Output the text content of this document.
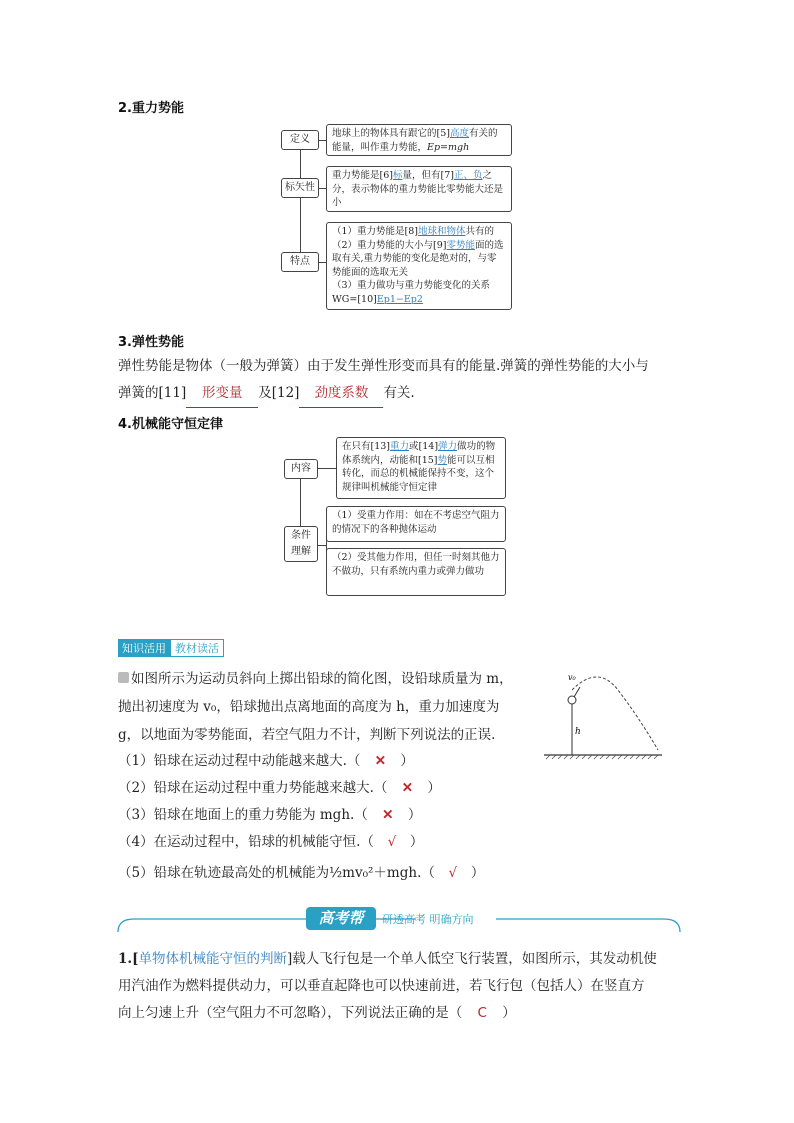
2.重力势能
定义
地球上的物体具有跟它的[5]高度有关的能量，叫作重力势能，Ep=mgh
标矢性
重力势能是[6]标量，但有[7]正、负之分，表示物体的重力势能比零势能大还是小
特点
（1）重力势能是[8]地球和物体共有的
（2）重力势能的大小与[9]零势能面的选取有关,重力势能的变化是绝对的，与零势能面的选取无关
（3）重力做功与重力势能变化的关系WG=[10]Ep1−Ep2
3.弹性势能
弹性势能是物体（一般为弹簧）由于发生弹性形变而具有的能量.弹簧的弹性势能的大小与
弹簧的[11] 形变量 及[12] 劲度系数 有关.
4.机械能守恒定律
内容
在只有[13]重力或[14]弹力做功的物体系统内，动能和[15]势能可以互相转化，而总的机械能保持不变，这个规律叫机械能守恒定律
条件
理解
（1）受重力作用：如在不考虑空气阻力的情况下的各种抛体运动
（2）受其他力作用，但任一时刻其他力不做功，只有系统内重力或弹力做功
知识活用 教材读活
如图所示为运动员斜向上掷出铅球的简化图，设铅球质量为 m，
抛出初速度为 v₀，铅球抛出点离地面的高度为 h，重力加速度为
g，以地面为零势能面，若空气阻力不计，判断下列说法的正误.
v₀
h
（1）铅球在运动过程中动能越来越大.（ ✕ ）
（2）铅球在运动过程中重力势能越来越大.（ ✕ ）
（3）铅球在地面上的重力势能为 mgh.（ ✕ ）
（4）在运动过程中，铅球的机械能守恒.（ √ ）
（5）铅球在轨迹最高处的机械能为½mv₀²＋mgh.（ √ ）
高考帮	研透高考 明确方向
1.[单物体机械能守恒的判断]载人飞行包是一个单人低空飞行装置，如图所示，其发动机使
用汽油作为燃料提供动力，可以垂直起降也可以快速前进，若飞行包（包括人）在竖直方
向上匀速上升（空气阻力不可忽略），下列说法正确的是（ C ）
